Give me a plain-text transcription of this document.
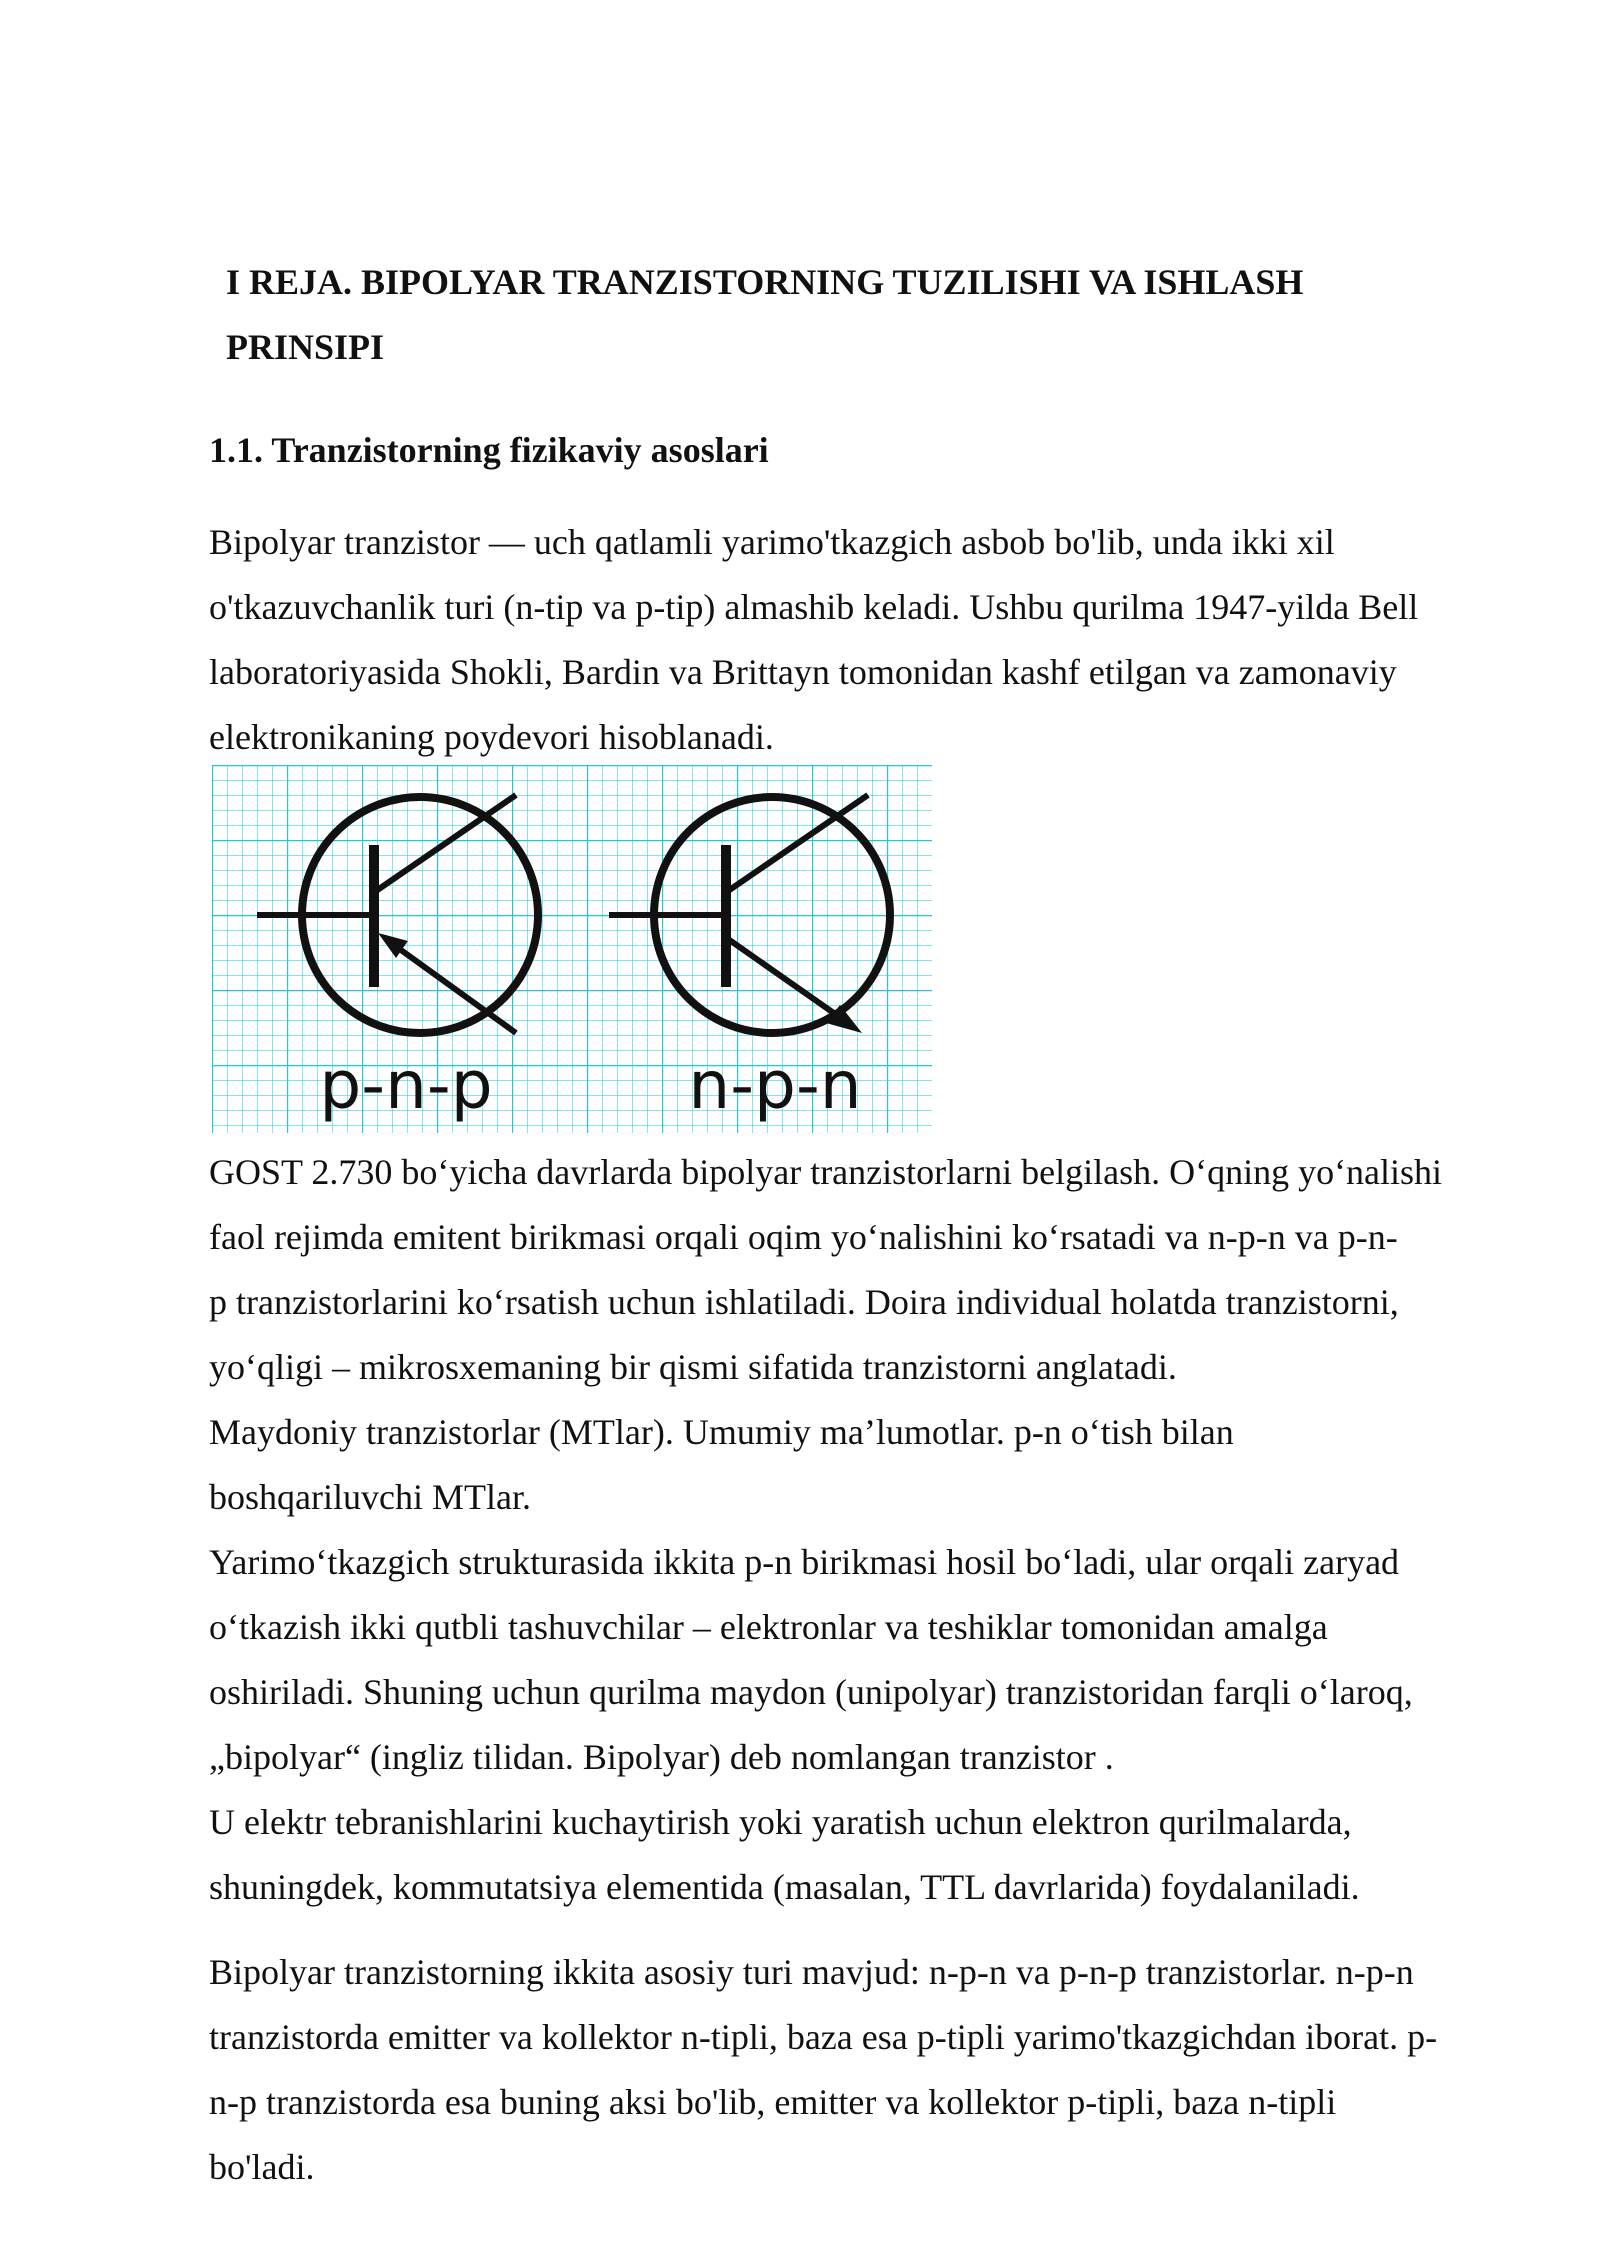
I REJA. BIPOLYAR TRANZISTORNING TUZILISHI VA ISHLASH
PRINSIPI
1.1. Tranzistorning fizikaviy asoslari

Bipolyar tranzistor — uch qatlamli yarimo'tkazgich asbob bo'lib, unda ikki xil
o'tkazuvchanlik turi (n-tip va p-tip) almashib keladi. Ushbu qurilma 1947-yilda Bell
laboratoriyasida Shokli, Bardin va Brittayn tomonidan kashf etilgan va zamonaviy
elektronikaning poydevori hisoblanadi.

p-n-p	n-p-n

GOST 2.730 bo‘yicha davrlarda bipolyar tranzistorlarni belgilash. O‘qning yo‘nalishi
faol rejimda emitent birikmasi orqali oqim yo‘nalishini ko‘rsatadi va n-p-n va p-n-
p tranzistorlarini ko‘rsatish uchun ishlatiladi. Doira individual holatda tranzistorni,
yo‘qligi – mikrosxemaning bir qismi sifatida tranzistorni anglatadi.
Maydoniy tranzistorlar (MTlar). Umumiy ma’lumotlar. p-n o‘tish bilan
boshqariluvchi MTlar.
Yarimo‘tkazgich strukturasida ikkita p-n birikmasi hosil bo‘ladi, ular orqali zaryad
o‘tkazish ikki qutbli tashuvchilar – elektronlar va teshiklar tomonidan amalga
oshiriladi. Shuning uchun qurilma maydon (unipolyar) tranzistoridan farqli o‘laroq,
„bipolyar“ (ingliz tilidan. Bipolyar) deb nomlangan tranzistor .
U elektr tebranishlarini kuchaytirish yoki yaratish uchun elektron qurilmalarda,
shuningdek, kommutatsiya elementida (masalan, TTL davrlarida) foydalaniladi.

Bipolyar tranzistorning ikkita asosiy turi mavjud: n-p-n va p-n-p tranzistorlar. n-p-n
tranzistorda emitter va kollektor n-tipli, baza esa p-tipli yarimo'tkazgichdan iborat. p-
n-p tranzistorda esa buning aksi bo'lib, emitter va kollektor p-tipli, baza n-tipli
bo'ladi.
